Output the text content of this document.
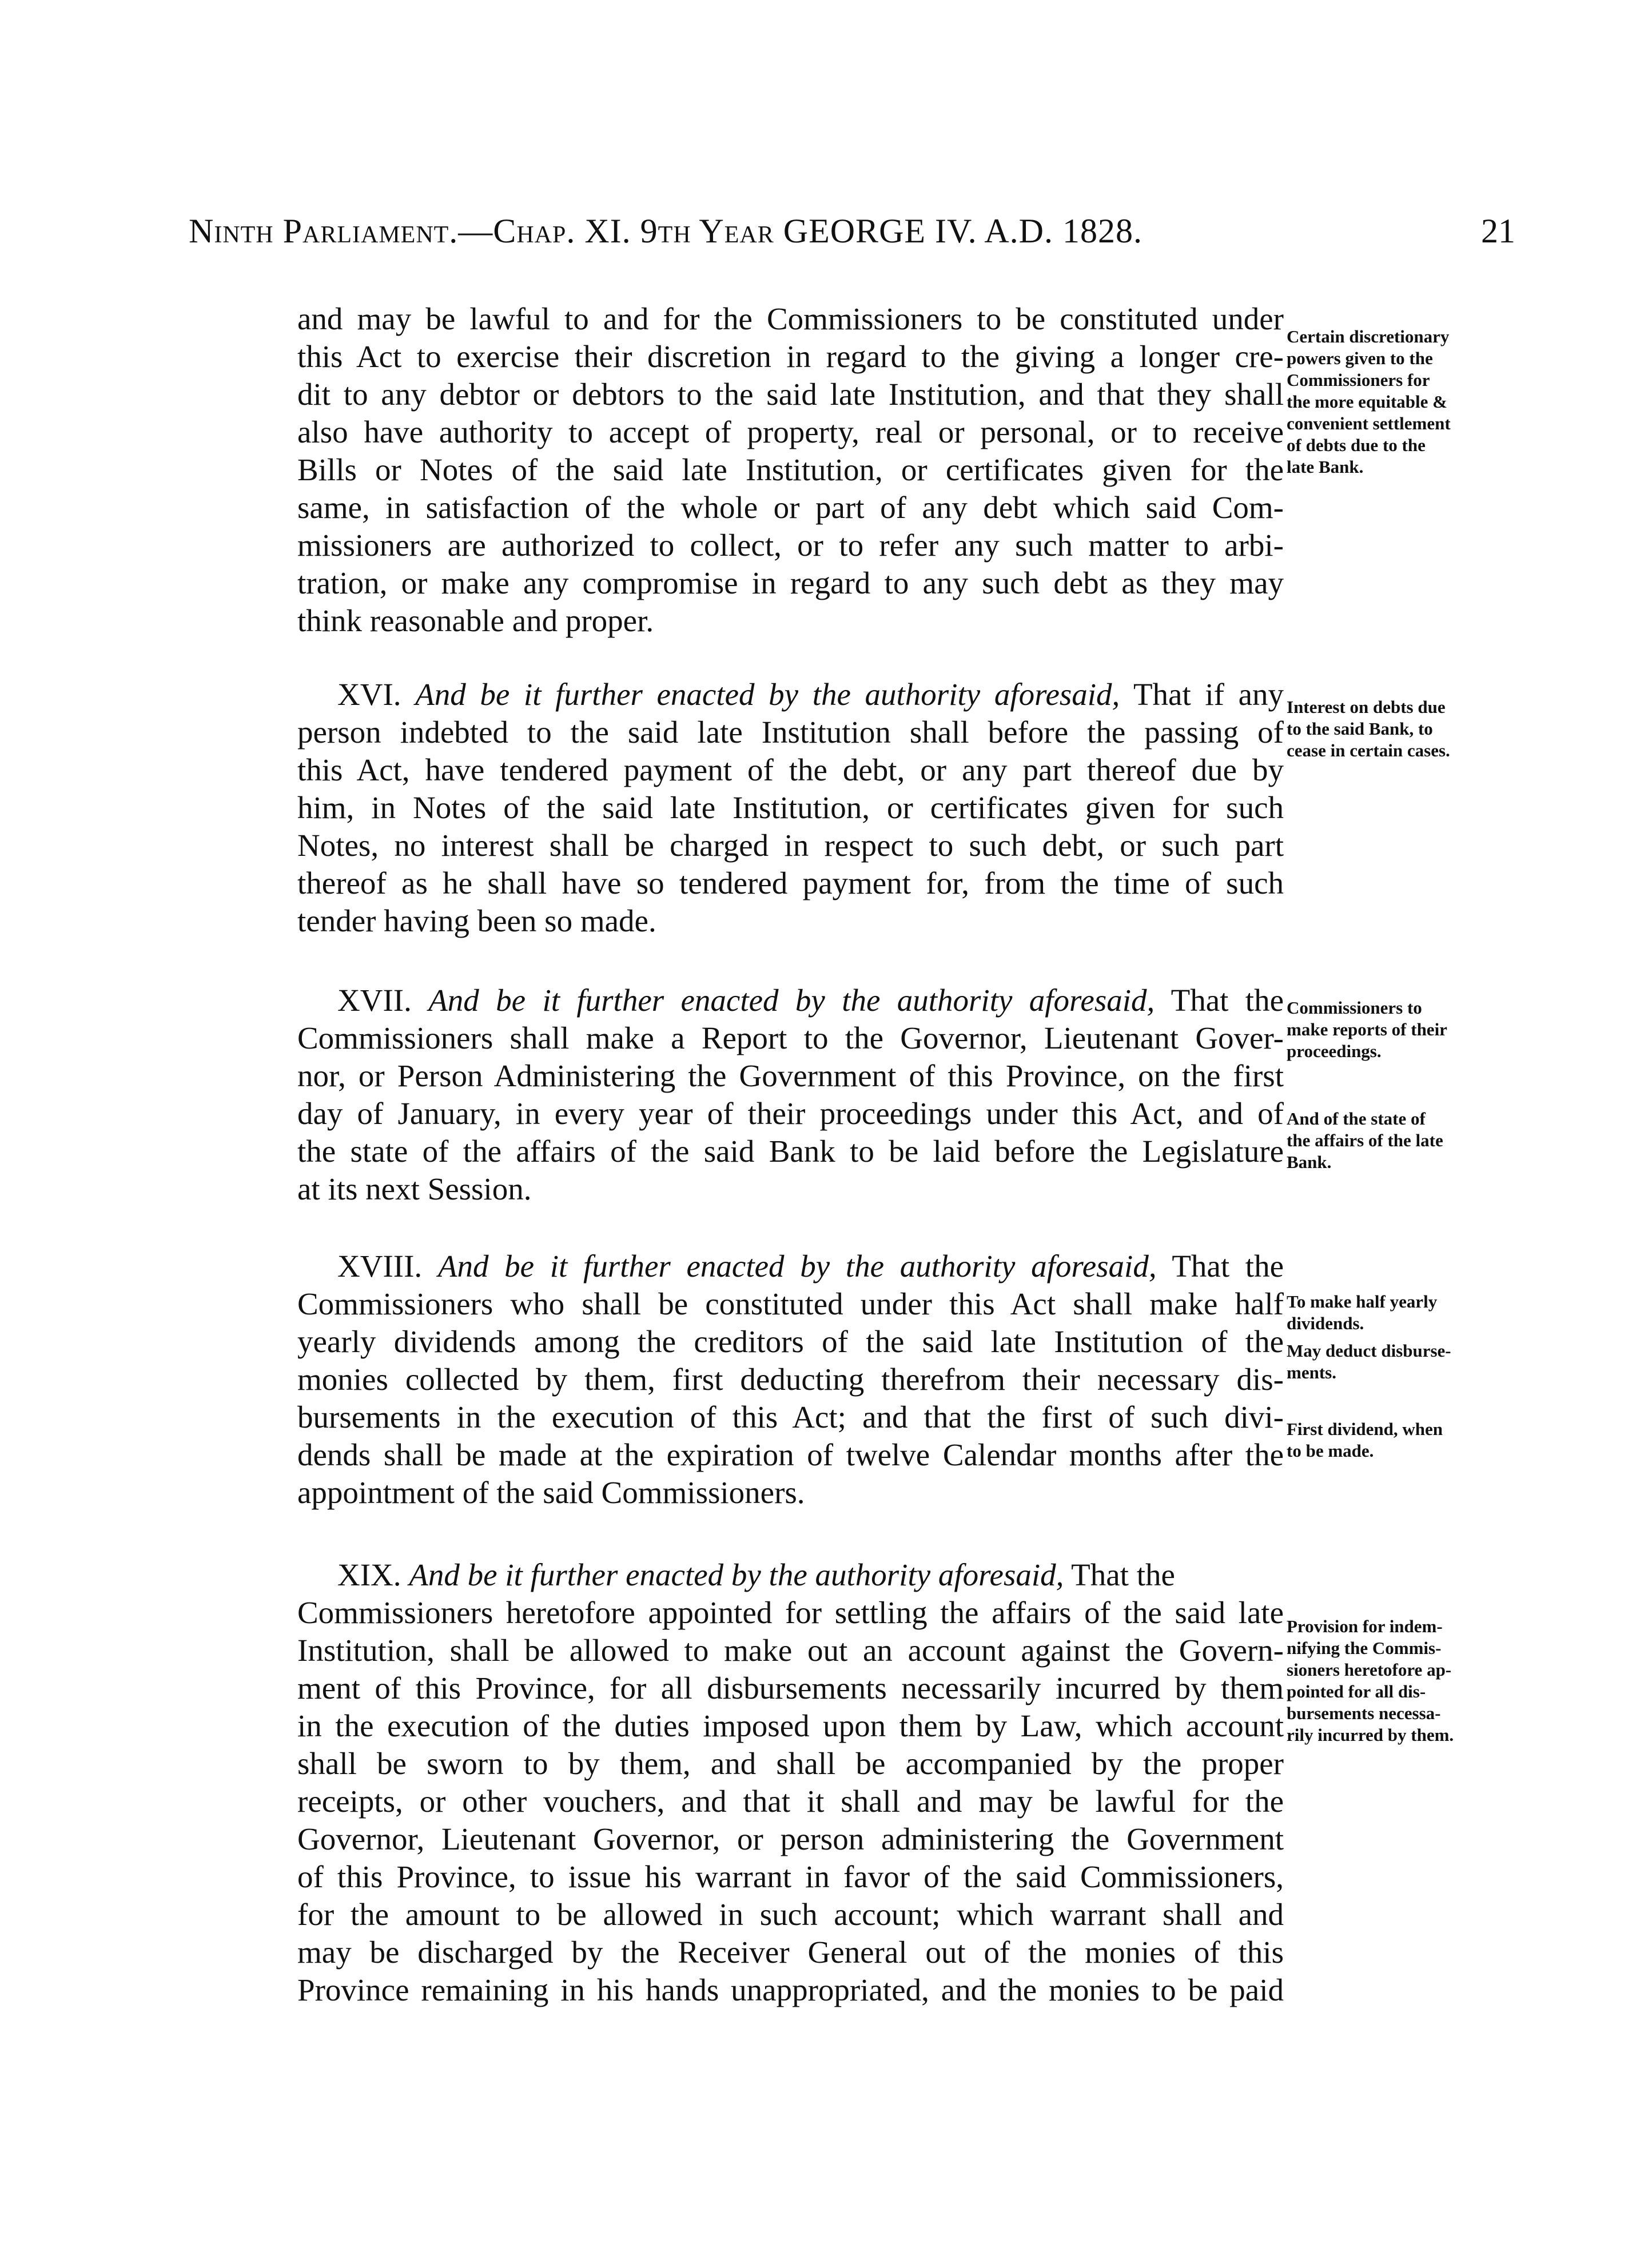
Ninth Parliament.—Chap. XI. 9th Year GEORGE IV. A.D. 1828.	21
and may be lawful to and for the Commissioners to be constituted under
this Act to exercise their discretion in regard to the giving a longer cre-
dit to any debtor or debtors to the said late Institution, and that they shall
also have authority to accept of property, real or personal, or to receive
Bills or Notes of the said late Institution, or certificates given for the
same, in satisfaction of the whole or part of any debt which said Com-
missioners are authorized to collect, or to refer any such matter to arbi-
tration, or make any compromise in regard to any such debt as they may
think reasonable and proper.
XVI. And be it further enacted by the authority aforesaid, That if any
person indebted to the said late Institution shall before the passing of
this Act, have tendered payment of the debt, or any part thereof due by
him, in Notes of the said late Institution, or certificates given for such
Notes, no interest shall be charged in respect to such debt, or such part
thereof as he shall have so tendered payment for, from the time of such
tender having been so made.
XVII. And be it further enacted by the authority aforesaid, That the
Commissioners shall make a Report to the Governor, Lieutenant Gover-
nor, or Person Administering the Government of this Province, on the first
day of January, in every year of their proceedings under this Act, and of
the state of the affairs of the said Bank to be laid before the Legislature
at its next Session.
XVIII. And be it further enacted by the authority aforesaid, That the
Commissioners who shall be constituted under this Act shall make half
yearly dividends among the creditors of the said late Institution of the
monies collected by them, first deducting therefrom their necessary dis-
bursements in the execution of this Act; and that the first of such divi-
dends shall be made at the expiration of twelve Calendar months after the
appointment of the said Commissioners.
XIX. And be it further enacted by the authority aforesaid, That the
Commissioners heretofore appointed for settling the affairs of the said late
Institution, shall be allowed to make out an account against the Govern-
ment of this Province, for all disbursements necessarily incurred by them
in the execution of the duties imposed upon them by Law, which account
shall be sworn to by them, and shall be accompanied by the proper
receipts, or other vouchers, and that it shall and may be lawful for the
Governor, Lieutenant Governor, or person administering the Government
of this Province, to issue his warrant in favor of the said Commissioners,
for the amount to be allowed in such account; which warrant shall and
may be discharged by the Receiver General out of the monies of this
Province remaining in his hands unappropriated, and the monies to be paid
Certain discretionary
powers given to the
Commissioners for
the more equitable &
convenient settlement
of debts due to the
late Bank.
Interest on debts due
to the said Bank, to
cease in certain cases.
Commissioners to
make reports of their
proceedings.
And of the state of
the affairs of the late
Bank.
To make half yearly
dividends.
May deduct disburse-
ments.
First dividend, when
to be made.
Provision for indem-
nifying the Commis-
sioners heretofore ap-
pointed for all dis-
bursements necessa-
rily incurred by them.
